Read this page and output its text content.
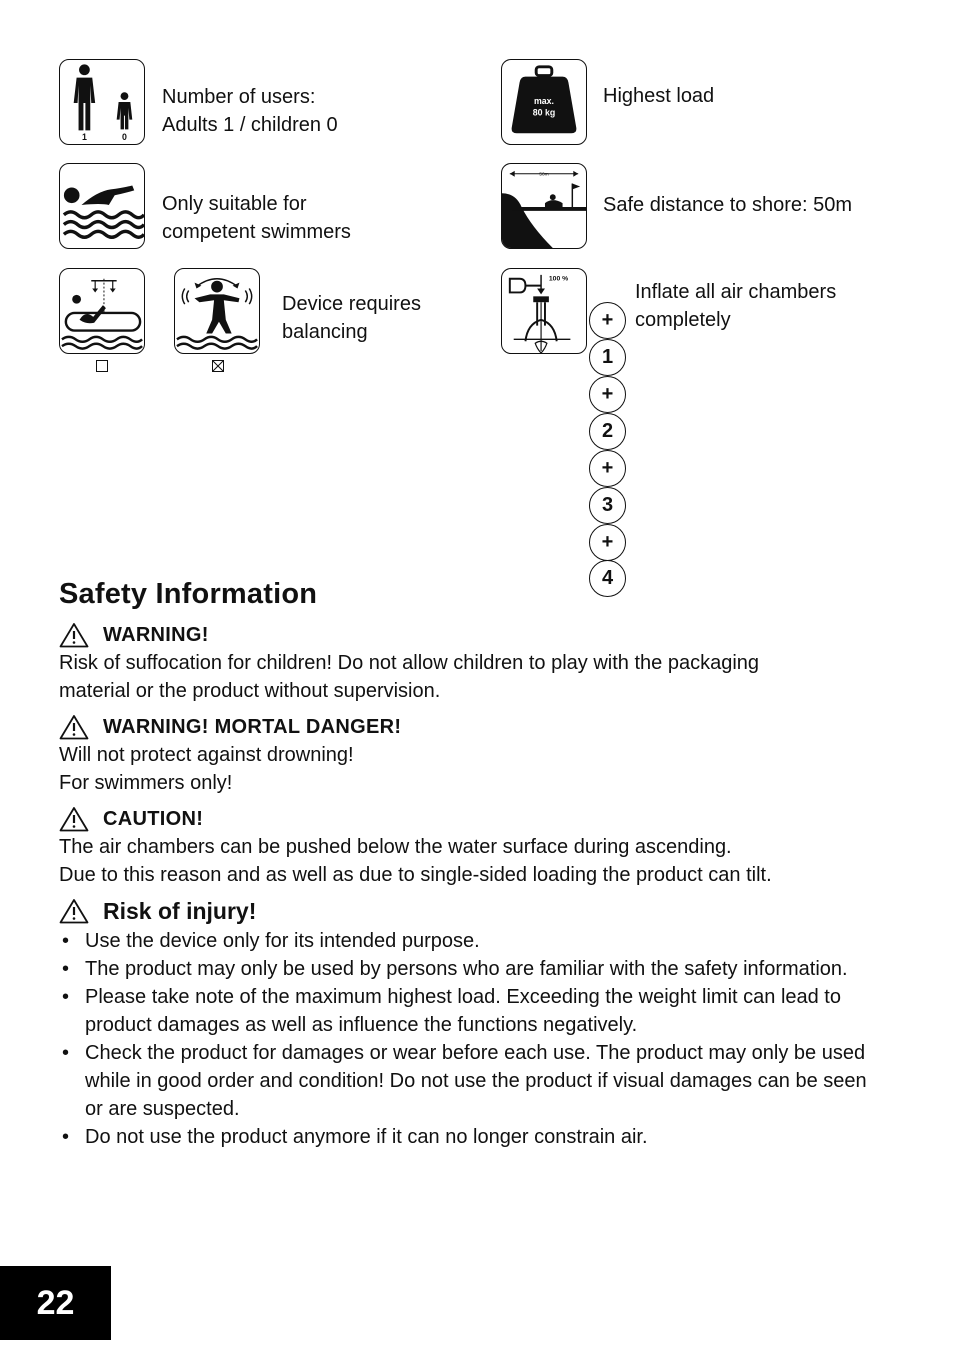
1	0
Number of users:
Adults 1 / children 0
max.
80 kg
Highest load
Only suitable for
competent swimmers
50m
Safe distance to shore: 50m
Device requires
balancing
100 %
Inflate all air chambers
completely
+
1
+
2
+
3
+
4
Safety Information
WARNING!
Risk of suffocation for children! Do not allow children to play with the packaging
material or the product without supervision.
WARNING! MORTAL DANGER!
Will not protect against drowning!
For swimmers only!
CAUTION!
The air chambers can be pushed below the water surface during ascending.
Due to this reason and as well as due to single-sided loading the product can tilt.
Risk of injury!
• Use the device only for its intended purpose.
• The product may only be used by persons who are familiar with the safety information.
• Please take note of the maximum highest load. Exceeding the weight limit can lead to product damages as well as influence the functions negatively.
• Check the product for damages or wear before each use. The product may only be used while in good order and condition! Do not use the product if visual damages can be seen or are suspected.
• Do not use the product anymore if it can no longer constrain air.
22
